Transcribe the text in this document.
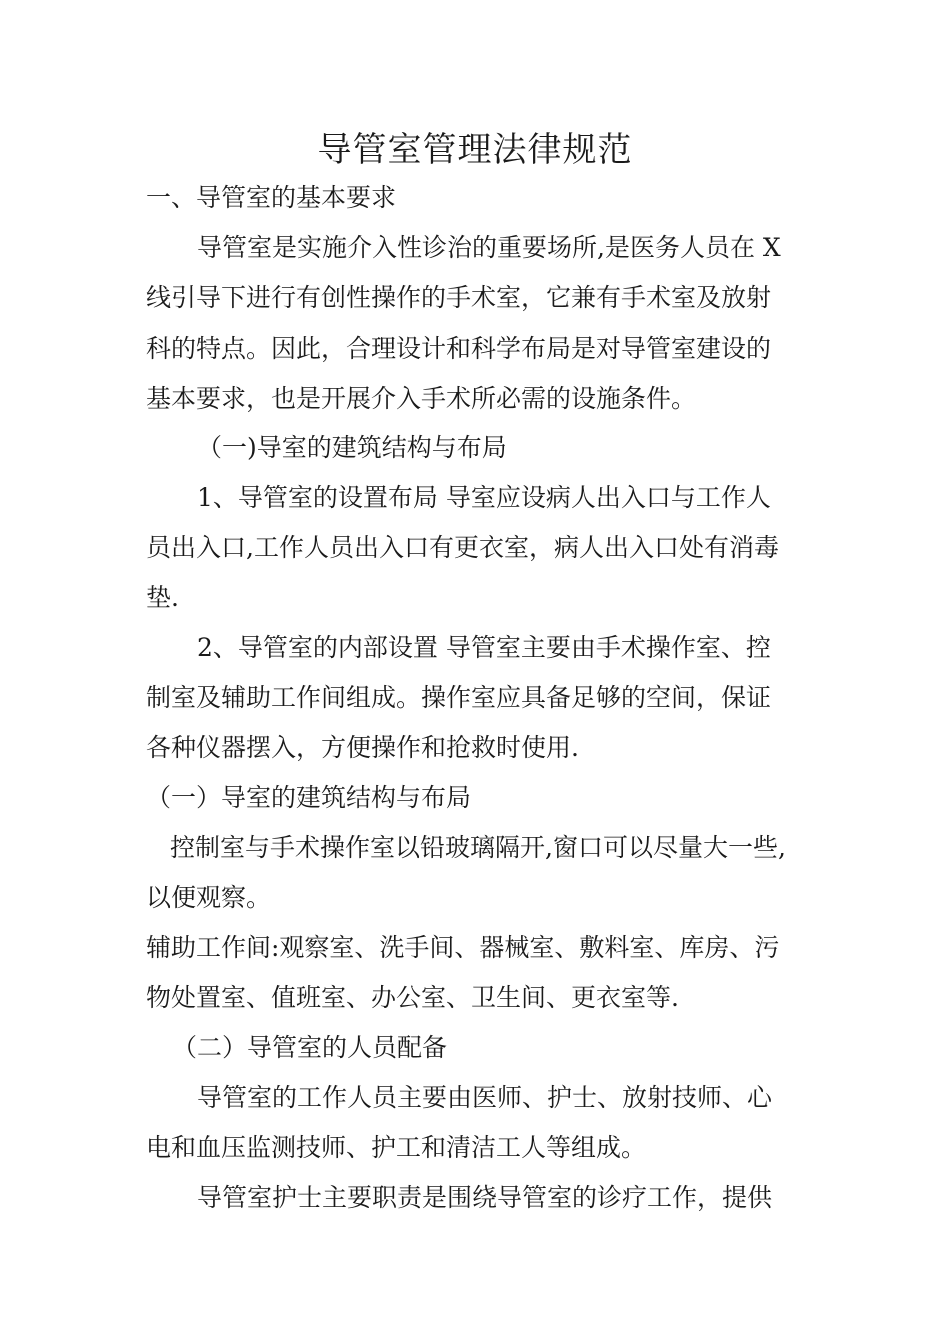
导管室管理法律规范
一、导管室的基本要求
导管室是实施介入性诊治的重要场所,是医务人员在 X
线引导下进行有创性操作的手术室，它兼有手术室及放射
科的特点。因此，合理设计和科学布局是对导管室建设的
基本要求，也是开展介入手术所必需的设施条件。
（一)导室的建筑结构与布局
1、导管室的设置布局 导室应设病人出入口与工作人
员出入口,工作人员出入口有更衣室，病人出入口处有消毒
垫.
2、导管室的内部设置 导管室主要由手术操作室、控
制室及辅助工作间组成。操作室应具备足够的空间，保证
各种仪器摆入，方便操作和抢救时使用.
（一）导室的建筑结构与布局
控制室与手术操作室以铅玻璃隔开,窗口可以尽量大一些,
以便观察。
辅助工作间:观察室、洗手间、器械室、敷料室、库房、污
物处置室、值班室、办公室、卫生间、更衣室等.
（二）导管室的人员配备
导管室的工作人员主要由医师、护士、放射技师、心
电和血压监测技师、护工和清洁工人等组成。
导管室护士主要职责是围绕导管室的诊疗工作，提供
